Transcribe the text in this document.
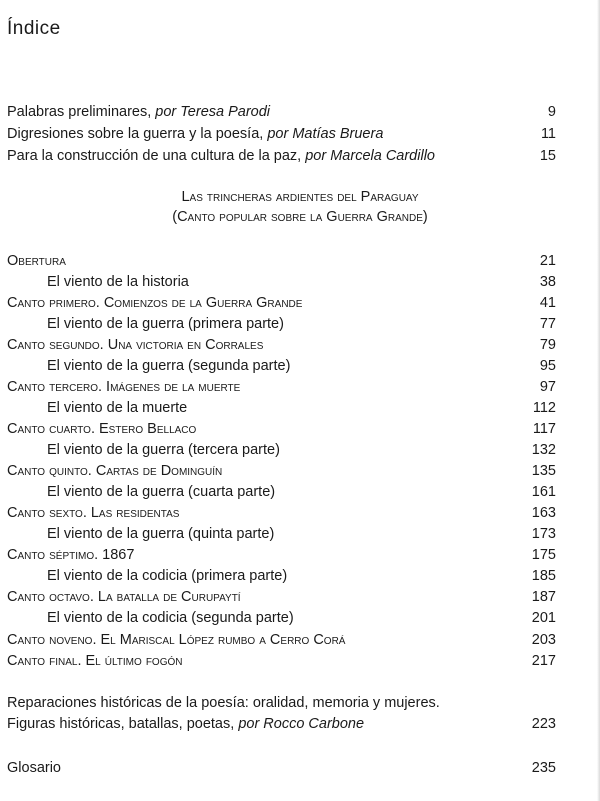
Índice
Palabras preliminares, por Teresa Parodi	9
Digresiones sobre la guerra y la poesía, por Matías Bruera	11
Para la construcción de una cultura de la paz, por Marcela Cardillo	15
Las trincheras ardientes del Paraguay
(Canto popular sobre la Guerra Grande)
Obertura	21
El viento de la historia	38
Canto primero. Comienzos de la Guerra Grande	41
El viento de la guerra (primera parte)	77
Canto segundo. Una victoria en Corrales	79
El viento de la guerra (segunda parte)	95
Canto tercero. Imágenes de la muerte	97
El viento de la muerte	112
Canto cuarto. Estero Bellaco	117
El viento de la guerra (tercera parte)	132
Canto quinto. Cartas de Dominguín	135
El viento de la guerra (cuarta parte)	161
Canto sexto. Las residentas	163
El viento de la guerra (quinta parte)	173
Canto séptimo. 1867	175
El viento de la codicia (primera parte)	185
Canto octavo. La batalla de Curupaytí	187
El viento de la codicia (segunda parte)	201
Canto noveno. El Mariscal López rumbo a Cerro Corá	203
Canto final. El último fogón	217
Reparaciones históricas de la poesía: oralidad, memoria y mujeres.
Figuras históricas, batallas, poetas, por Rocco Carbone	223
Glosario	235
